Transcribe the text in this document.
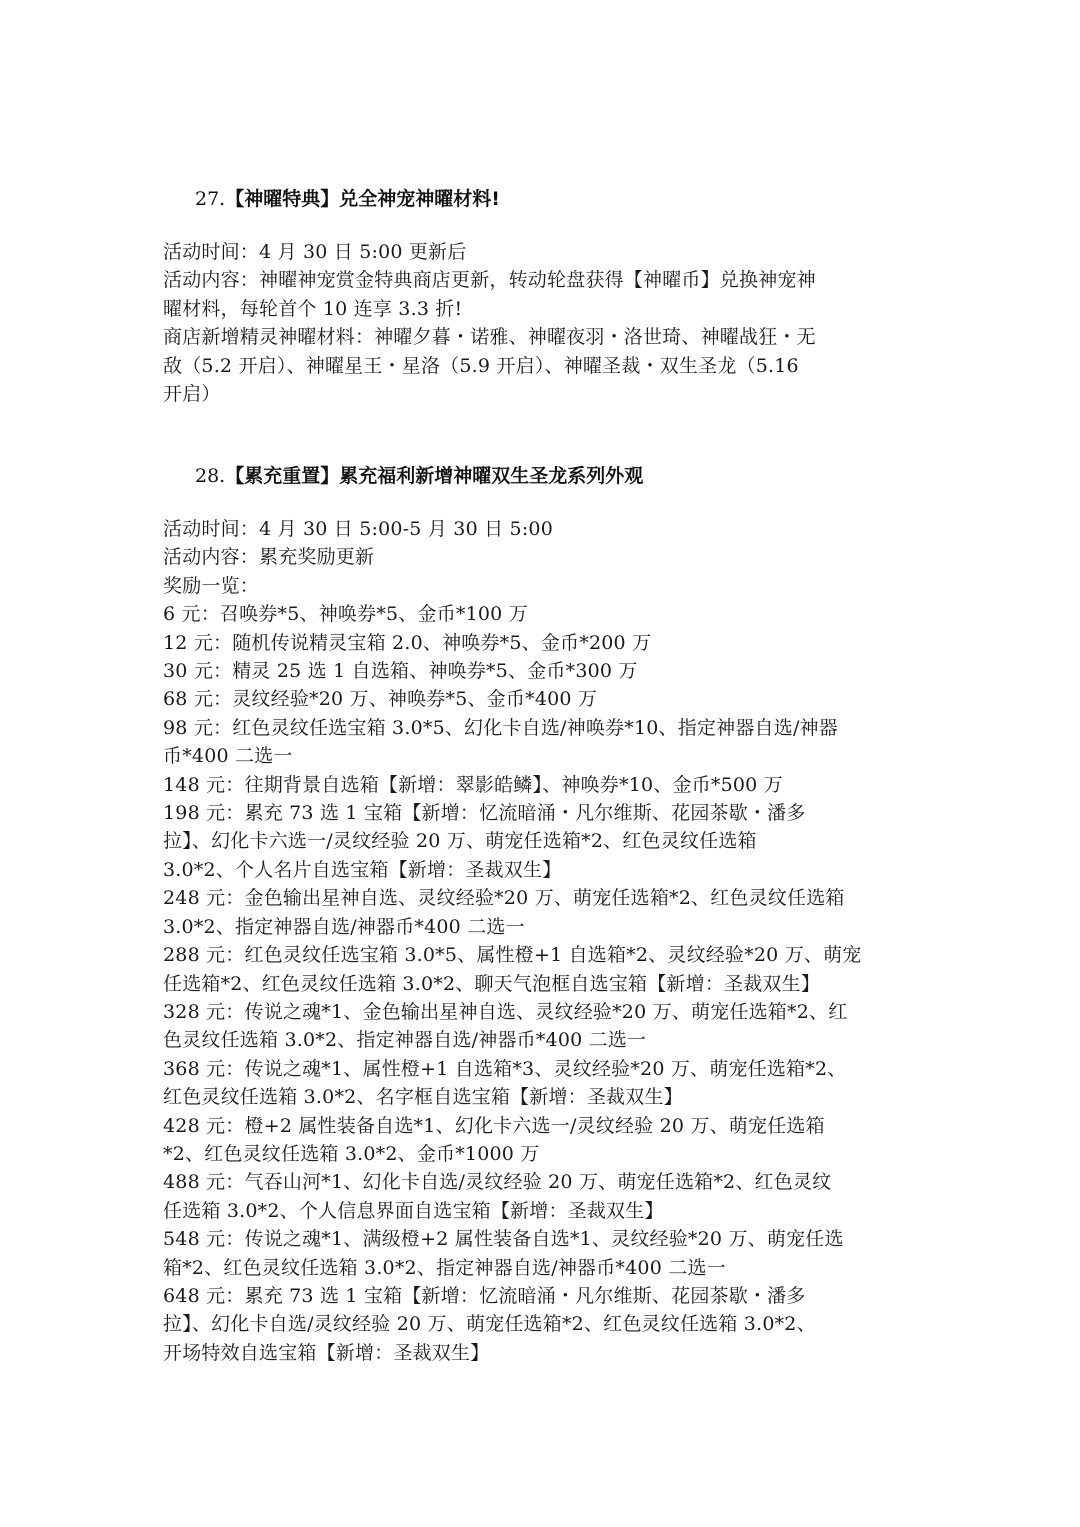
27.【神曜特典】兑全神宠神曜材料!
活动时间：4 月 30 日 5:00 更新后
活动内容：神曜神宠赏金特典商店更新，转动轮盘获得【神曜币】兑换神宠神
曜材料，每轮首个 10 连享 3.3 折!
商店新增精灵神曜材料：神曜夕暮・诺雅、神曜夜羽・洛世琦、神曜战狂・无
敌（5.2 开启）、神曜星王・星洛（5.9 开启）、神曜圣裁・双生圣龙（5.16
开启）
28.【累充重置】累充福利新增神曜双生圣龙系列外观
活动时间：4 月 30 日 5:00-5 月 30 日 5:00
活动内容：累充奖励更新
奖励一览：
6 元：召唤券*5、神唤券*5、金币*100 万
12 元：随机传说精灵宝箱 2.0、神唤券*5、金币*200 万
30 元：精灵 25 选 1 自选箱、神唤券*5、金币*300 万
68 元：灵纹经验*20 万、神唤券*5、金币*400 万
98 元：红色灵纹任选宝箱 3.0*5、幻化卡自选/神唤券*10、指定神器自选/神器
币*400 二选一
148 元：往期背景自选箱【新增：翠影皓鳞】、神唤券*10、金币*500 万
198 元：累充 73 选 1 宝箱【新增：忆流暗涌・凡尔维斯、花园茶歇・潘多
拉】、幻化卡六选一/灵纹经验 20 万、萌宠任选箱*2、红色灵纹任选箱
3.0*2、个人名片自选宝箱【新增：圣裁双生】
248 元：金色输出星神自选、灵纹经验*20 万、萌宠任选箱*2、红色灵纹任选箱
3.0*2、指定神器自选/神器币*400 二选一
288 元：红色灵纹任选宝箱 3.0*5、属性橙+1 自选箱*2、灵纹经验*20 万、萌宠
任选箱*2、红色灵纹任选箱 3.0*2、聊天气泡框自选宝箱【新增：圣裁双生】
328 元：传说之魂*1、金色输出星神自选、灵纹经验*20 万、萌宠任选箱*2、红
色灵纹任选箱 3.0*2、指定神器自选/神器币*400 二选一
368 元：传说之魂*1、属性橙+1 自选箱*3、灵纹经验*20 万、萌宠任选箱*2、
红色灵纹任选箱 3.0*2、名字框自选宝箱【新增：圣裁双生】
428 元：橙+2 属性装备自选*1、幻化卡六选一/灵纹经验 20 万、萌宠任选箱
*2、红色灵纹任选箱 3.0*2、金币*1000 万
488 元：气吞山河*1、幻化卡自选/灵纹经验 20 万、萌宠任选箱*2、红色灵纹
任选箱 3.0*2、个人信息界面自选宝箱【新增：圣裁双生】
548 元：传说之魂*1、满级橙+2 属性装备自选*1、灵纹经验*20 万、萌宠任选
箱*2、红色灵纹任选箱 3.0*2、指定神器自选/神器币*400 二选一
648 元：累充 73 选 1 宝箱【新增：忆流暗涌・凡尔维斯、花园茶歇・潘多
拉】、幻化卡自选/灵纹经验 20 万、萌宠任选箱*2、红色灵纹任选箱 3.0*2、
开场特效自选宝箱【新增：圣裁双生】
